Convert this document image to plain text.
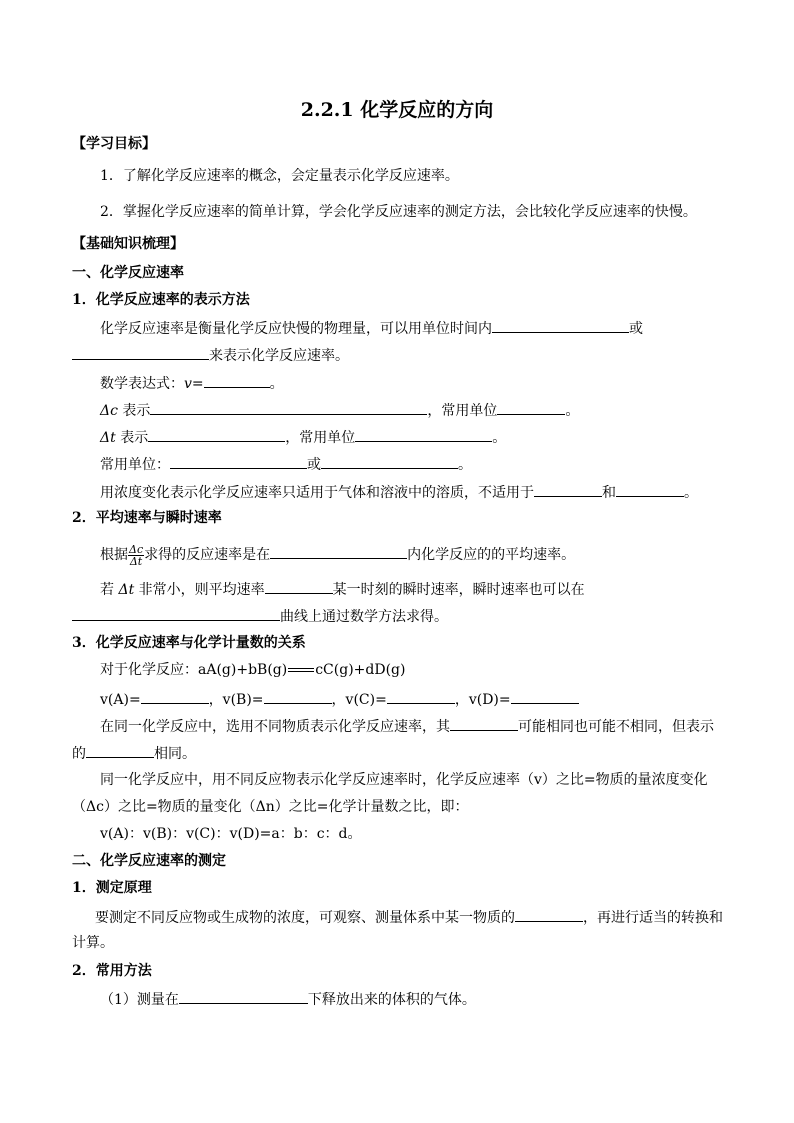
2.2.1 化学反应的方向
【学习目标】
1．了解化学反应速率的概念，会定量表示化学反应速率。
2．掌握化学反应速率的简单计算，学会化学反应速率的测定方法，会比较化学反应速率的快慢。
【基础知识梳理】
一、化学反应速率
1．化学反应速率的表示方法
化学反应速率是衡量化学反应快慢的物理量，可以用单位时间内	或
来表示化学反应速率。
数学表达式：v=	。
Δc 表示	，常用单位	。
Δt 表示	，常用单位	。
常用单位：	或	。
用浓度变化表示化学反应速率只适用于气体和溶液中的溶质，不适用于	和	。
2．平均速率与瞬时速率
根据 $\frac{\Delta c}{\Delta t}$ 求得的反应速率是在	内化学反应的的平均速率。
若 Δt 非常小，则平均速率	某一时刻的瞬时速率，瞬时速率也可以在
曲线上通过数学方法求得。
3．化学反应速率与化学计量数的关系
对于化学反应：aA(g)+bB(g) cC(g)+dD(g)
v(A)=	，v(B)=	，v(C)=	，v(D)=
在同一化学反应中，选用不同物质表示化学反应速率，其	可能相同也可能不相同，但表示
的	相同。
同一化学反应中，用不同反应物表示化学反应速率时，化学反应速率（v）之比=物质的量浓度变化
（Δc）之比=物质的量变化（Δn）之比=化学计量数之比，即：
v(A)：v(B)：v(C)：v(D)=a：b：c：d。
二、化学反应速率的测定
1．测定原理
要测定不同反应物或生成物的浓度，可观察、测量体系中某一物质的	，再进行适当的转换和
计算。
2．常用方法
（1）测量在	下释放出来的体积的气体。
